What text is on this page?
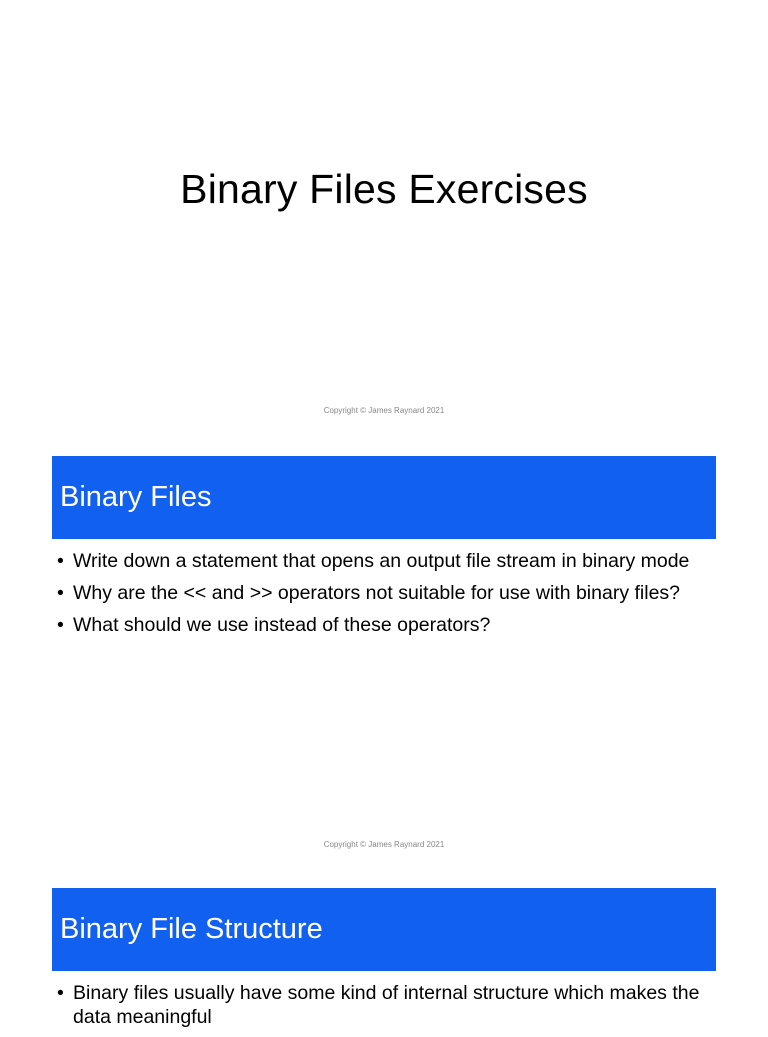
Binary Files Exercises

Copyright © James Raynard 2021

Binary Files
• Write down a statement that opens an output file stream in binary mode
• Why are the << and >> operators not suitable for use with binary files?
• What should we use instead of these operators?

Copyright © James Raynard 2021

Binary File Structure
• Binary files usually have some kind of internal structure which makes the data meaningful
